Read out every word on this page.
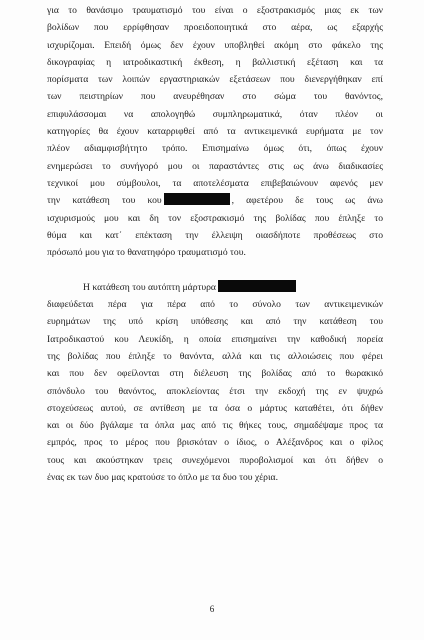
για το θανάσιμο τραυματισμό του είναι ο εξοστρακισμός μιας εκ των
βολίδων που ερρίφθησαν προειδοποιητικά στο αέρα, ως εξαρχής
ισχυρίζομαι. Επειδή όμως δεν έχουν υποβληθεί ακόμη στο φάκελο της
δικογραφίας η ιατροδικαστική έκθεση, η βαλλιστική εξέταση και τα
πορίσματα των λοιπών εργαστηριακών εξετάσεων που διενεργήθηκαν επί
των πειστηρίων που ανευρέθησαν στο σώμα του θανόντος,
επιφυλάσσομαι να απολογηθώ συμπληρωματικά, όταν πλέον οι
κατηγορίες θα έχουν καταρριφθεί από τα αντικειμενικά ευρήματα με τον
πλέον αδιαμφισβήτητο τρόπο. Επισημαίνω όμως ότι, όπως έχουν
ενημερώσει το συνήγορό μου οι παραστάντες στις ως άνω διαδικασίες
τεχνικοί μου σύμβουλοι, τα αποτελέσματα επιβεβαιώνουν αφενός μεν
την κατάθεση του κου	, αφετέρου δε τους ως άνω
ισχυρισμούς μου και δη τον εξοστρακισμό της βολίδας που έπληξε το
θύμα και κατ΄ επέκταση την έλλειψη οιασδήποτε προθέσεως στο
πρόσωπό μου για το θανατηφόρο τραυματισμό του.
Η κατάθεση του αυτόπτη μάρτυρα
διαφεύδεται πέρα για πέρα από το σύνολο των αντικειμενικών
ευρημάτων της υπό κρίση υπόθεσης και από την κατάθεση του
Ιατροδικαστού κου Λευκίδη, η οποία επισημαίνει την καθοδική πορεία
της βολίδας που έπληξε το θανόντα, αλλά και τις αλλοιώσεις που φέρει
και που δεν οφείλονται στη διέλευση της βολίδας από το θωρακικό
σπόνδυλο του θανόντος, αποκλείοντας έτσι την εκδοχή της εν ψυχρώ
στοχεύσεως αυτού, σε αντίθεση με τα όσα ο μάρτυς καταθέτει, ότι δήθεν
και οι δύο βγάλαμε τα όπλα μας από τις θήκες τους, σημαδέψαμε προς τα
εμπρός, προς το μέρος που βρισκόταν ο ίδιος, ο Αλέξανδρος και ο φίλος
τους και ακούστηκαν τρεις συνεχόμενοι πυροβολισμοί και ότι δήθεν ο
ένας εκ των δυο μας κρατούσε το όπλο με τα δυο του χέρια.
6
